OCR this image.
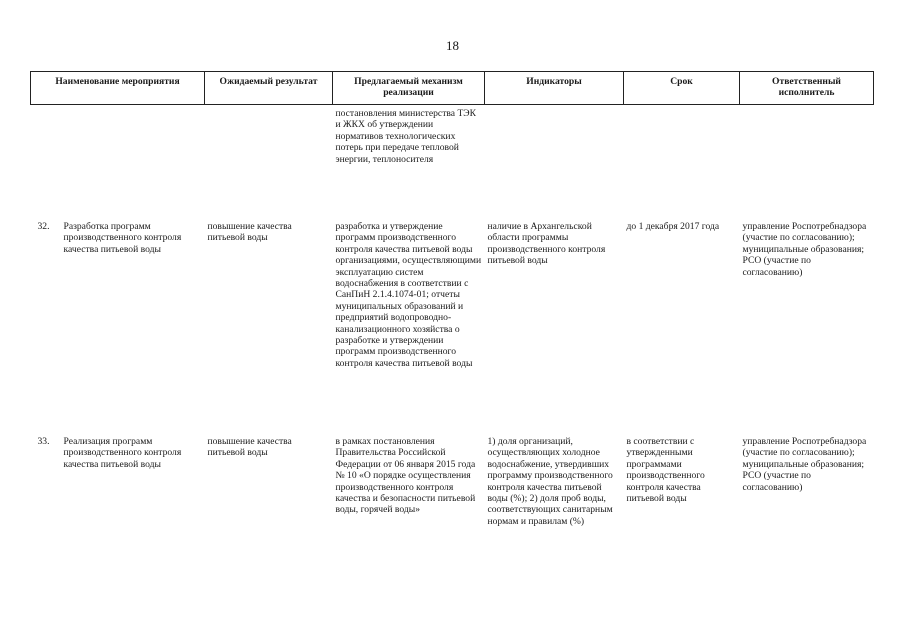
18
Наименование мероприятия	Ожидаемый результат	Предлагаемый механизм реализации	Индикаторы	Срок	Ответственный исполнитель
		постановления министерства ТЭК и ЖКХ об утверждении нормативов технологических потерь при передаче тепловой энергии, теплоносителя			

32. Разработка программ производственного контроля качества питьевой воды	повышение качества питьевой воды	разработка и утверждение программ производственного контроля качества питьевой воды организациями, осуществляющими эксплуатацию систем водоснабжения в соответствии с СанПиН 2.1.4.1074-01; отчеты муниципальных образований и предприятий водопроводно-канализационного хозяйства о разработке и утверждении программ производственного контроля качества питьевой воды	наличие в Архангельской области программы производственного контроля питьевой воды	до 1 декабря 2017 года	управление Роспотребнадзора (участие по согласованию); муниципальные образования; РСО (участие по согласованию)

33. Реализация программ производственного контроля качества питьевой воды	повышение качества питьевой воды	в рамках постановления Правительства Российской Федерации от 06 января 2015 года № 10 «О порядке осуществления производственного контроля качества и безопасности питьевой воды, горячей воды»	1) доля организаций, осуществляющих холодное водоснабжение, утвердивших программу производственного контроля качества питьевой воды (%); 2) доля проб воды, соответствующих санитарным нормам и правилам (%)	в соответствии с утвержденными программами производственного контроля качества питьевой воды	управление Роспотребнадзора (участие по согласованию); муниципальные образования; РСО (участие по согласованию)
